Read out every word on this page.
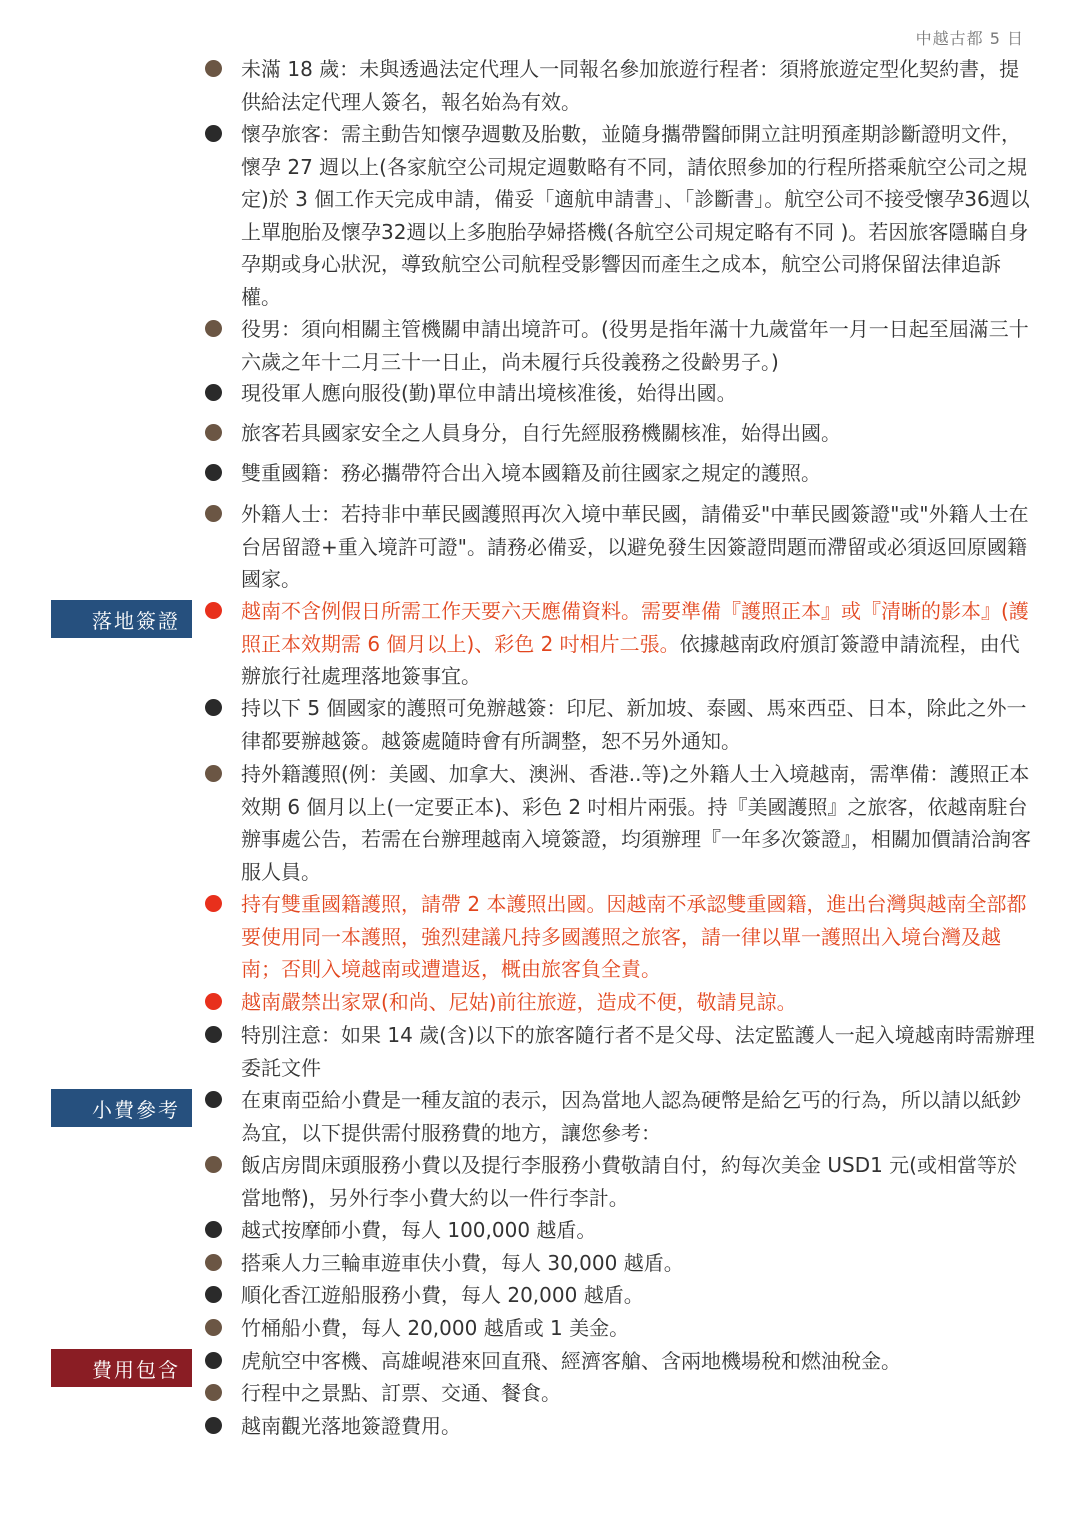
中越古都 5 日
落地簽證
小費參考
費用包含
未滿 18 歲：未與透過法定代理人一同報名參加旅遊行程者：須將旅遊定型化契約書，提供給法定代理人簽名，報名始為有效。
懷孕旅客：需主動告知懷孕週數及胎數，並隨身攜帶醫師開立註明預產期診斷證明文件，懷孕 27 週以上(各家航空公司規定週數略有不同，請依照參加的行程所搭乘航空公司之規定)於 3 個工作天完成申請，備妥「適航申請書」、「診斷書」。航空公司不接受懷孕36週以上單胞胎及懷孕32週以上多胞胎孕婦搭機(各航空公司規定略有不同 )。若因旅客隱瞞自身孕期或身心狀況，導致航空公司航程受影響因而產生之成本，航空公司將保留法律追訴權。
役男：須向相關主管機關申請出境許可。(役男是指年滿十九歲當年一月一日起至屆滿三十六歲之年十二月三十一日止，尚未履行兵役義務之役齡男子。)
現役軍人應向服役(勤)單位申請出境核准後，始得出國。
旅客若具國家安全之人員身分，自行先經服務機關核准，始得出國。
雙重國籍：務必攜帶符合出入境本國籍及前往國家之規定的護照。
外籍人士：若持非中華民國護照再次入境中華民國，請備妥"中華民國簽證"或"外籍人士在台居留證+重入境許可證"。請務必備妥，以避免發生因簽證問題而滯留或必須返回原國籍國家。
越南不含例假日所需工作天要六天應備資料。需要準備『護照正本』或『清晰的影本』(護照正本效期需 6 個月以上)、彩色 2 吋相片二張。依據越南政府頒訂簽證申請流程，由代辦旅行社處理落地簽事宜。
持以下 5 個國家的護照可免辦越簽：印尼、新加坡、泰國、馬來西亞、日本，除此之外一律都要辦越簽。越簽處隨時會有所調整，恕不另外通知。
持外籍護照(例：美國、加拿大、澳洲、香港..等)之外籍人士入境越南，需準備：護照正本效期 6 個月以上(一定要正本)、彩色 2 吋相片兩張。持『美國護照』之旅客，依越南駐台辦事處公告，若需在台辦理越南入境簽證，均須辦理『一年多次簽證』，相關加價請洽詢客服人員。
持有雙重國籍護照，請帶 2 本護照出國。因越南不承認雙重國籍，進出台灣與越南全部都要使用同一本護照，強烈建議凡持多國護照之旅客，請一律以單一護照出入境台灣及越南；否則入境越南或遭遣返，概由旅客負全責。
越南嚴禁出家眾(和尚、尼姑)前往旅遊，造成不便，敬請見諒。
特別注意：如果 14 歲(含)以下的旅客隨行者不是父母、法定監護人一起入境越南時需辦理委託文件
在東南亞給小費是一種友誼的表示，因為當地人認為硬幣是給乞丐的行為，所以請以紙鈔為宜，以下提供需付服務費的地方，讓您參考：
飯店房間床頭服務小費以及提行李服務小費敬請自付，約每次美金 USD1 元(或相當等於當地幣)，另外行李小費大約以一件行李計。
越式按摩師小費，每人 100,000 越盾。
搭乘人力三輪車遊車伕小費，每人 30,000 越盾。
順化香江遊船服務小費，每人 20,000 越盾。
竹桶船小費，每人 20,000 越盾或 1 美金。
虎航空中客機、高雄峴港來回直飛、經濟客艙、含兩地機場稅和燃油稅金。
行程中之景點、訂票、交通、餐食。
越南觀光落地簽證費用。
